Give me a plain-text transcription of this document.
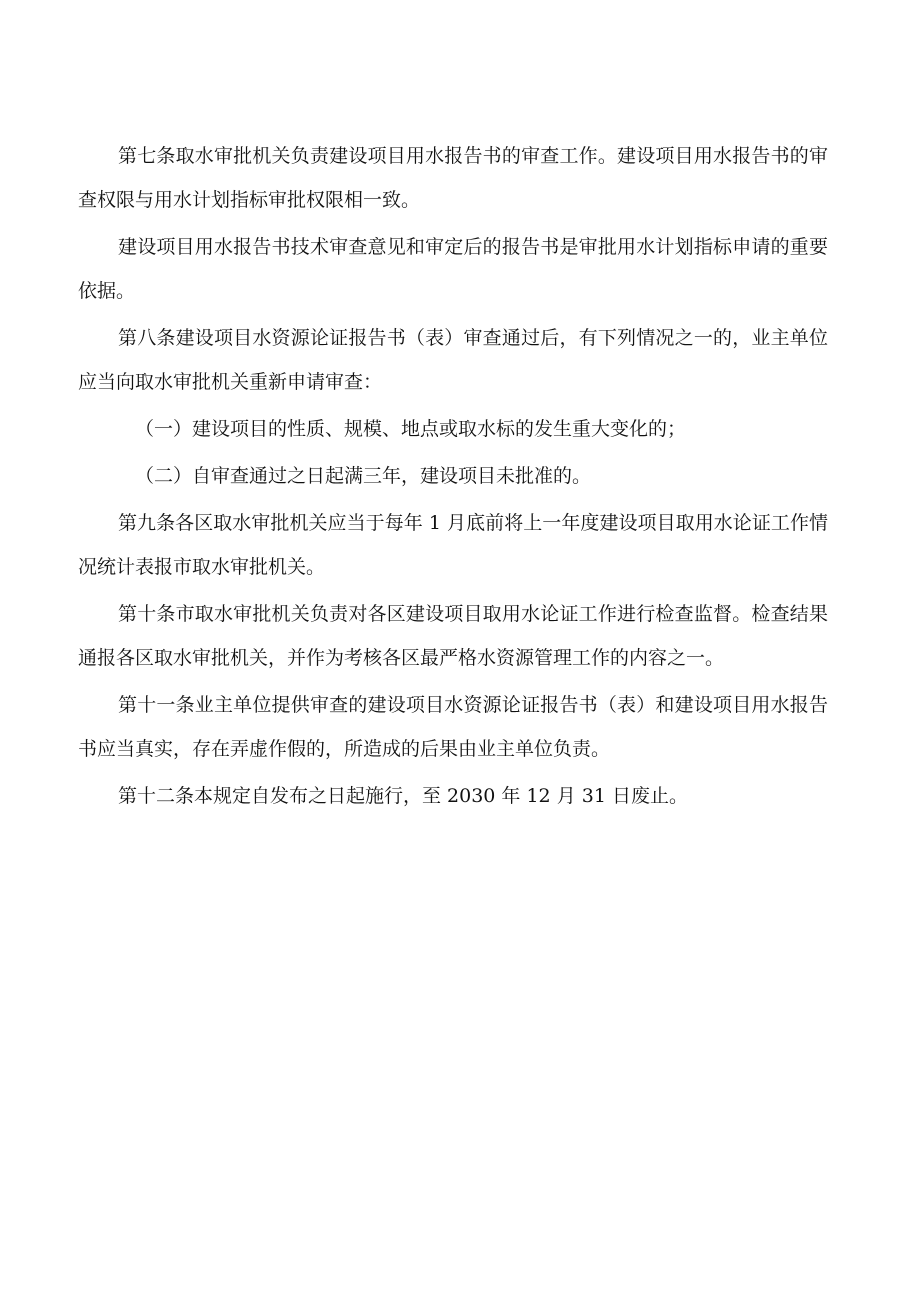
第七条取水审批机关负责建设项目用水报告书的审查工作。建设项目用水报告书的审查权限与用水计划指标审批权限相一致。

建设项目用水报告书技术审查意见和审定后的报告书是审批用水计划指标申请的重要依据。

第八条建设项目水资源论证报告书（表）审查通过后，有下列情况之一的，业主单位应当向取水审批机关重新申请审查：

（一）建设项目的性质、规模、地点或取水标的发生重大变化的；

（二）自审查通过之日起满三年，建设项目未批准的。

第九条各区取水审批机关应当于每年 1 月底前将上一年度建设项目取用水论证工作情况统计表报市取水审批机关。

第十条市取水审批机关负责对各区建设项目取用水论证工作进行检查监督。检查结果通报各区取水审批机关，并作为考核各区最严格水资源管理工作的内容之一。

第十一条业主单位提供审查的建设项目水资源论证报告书（表）和建设项目用水报告书应当真实，存在弄虚作假的，所造成的后果由业主单位负责。

第十二条本规定自发布之日起施行，至 2030 年 12 月 31 日废止。
